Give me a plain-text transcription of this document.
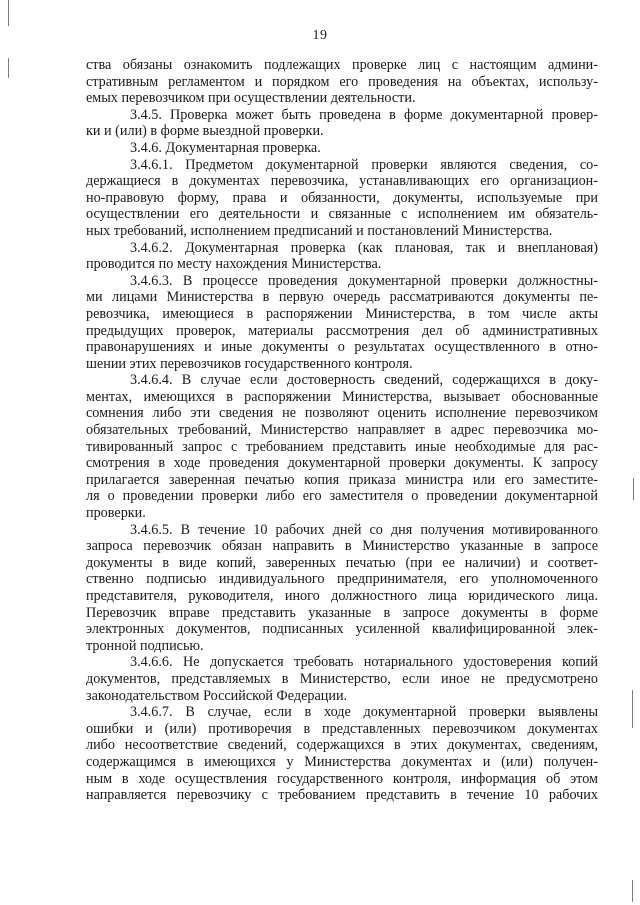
19
ства обязаны ознакомить подлежащих проверке лиц с настоящим админи-
стративным регламентом и порядком его проведения на объектах, использу-
емых перевозчиком при осуществлении деятельности.
3.4.5. Проверка может быть проведена в форме документарной провер-
ки и (или) в форме выездной проверки.
3.4.6. Документарная проверка.
3.4.6.1. Предметом документарной проверки являются сведения, со-
держащиеся в документах перевозчика, устанавливающих его организацион-
но-правовую форму, права и обязанности, документы, используемые при
осуществлении его деятельности и связанные с исполнением им обязатель-
ных требований, исполнением предписаний и постановлений Министерства.
3.4.6.2. Документарная проверка (как плановая, так и внеплановая)
проводится по месту нахождения Министерства.
3.4.6.3. В процессе проведения документарной проверки должностны-
ми лицами Министерства в первую очередь рассматриваются документы пе-
ревозчика, имеющиеся в распоряжении Министерства, в том числе акты
предыдущих проверок, материалы рассмотрения дел об административных
правонарушениях и иные документы о результатах осуществленного в отно-
шении этих перевозчиков государственного контроля.
3.4.6.4. В случае если достоверность сведений, содержащихся в доку-
ментах, имеющихся в распоряжении Министерства, вызывает обоснованные
сомнения либо эти сведения не позволяют оценить исполнение перевозчиком
обязательных требований, Министерство направляет в адрес перевозчика мо-
тивированный запрос с требованием представить иные необходимые для рас-
смотрения в ходе проведения документарной проверки документы. К запросу
прилагается заверенная печатью копия приказа министра или его заместите-
ля о проведении проверки либо его заместителя о проведении документарной
проверки.
3.4.6.5. В течение 10 рабочих дней со дня получения мотивированного
запроса перевозчик обязан направить в Министерство указанные в запросе
документы в виде копий, заверенных печатью (при ее наличии) и соответ-
ственно подписью индивидуального предпринимателя, его уполномоченного
представителя, руководителя, иного должностного лица юридического лица.
Перевозчик вправе представить указанные в запросе документы в форме
электронных документов, подписанных усиленной квалифицированной элек-
тронной подписью.
3.4.6.6. Не допускается требовать нотариального удостоверения копий
документов, представляемых в Министерство, если иное не предусмотрено
законодательством Российской Федерации.
3.4.6.7. В случае, если в ходе документарной проверки выявлены
ошибки и (или) противоречия в представленных перевозчиком документах
либо несоответствие сведений, содержащихся в этих документах, сведениям,
содержащимся в имеющихся у Министерства документах и (или) получен-
ным в ходе осуществления государственного контроля, информация об этом
направляется перевозчику с требованием представить в течение 10 рабочих
